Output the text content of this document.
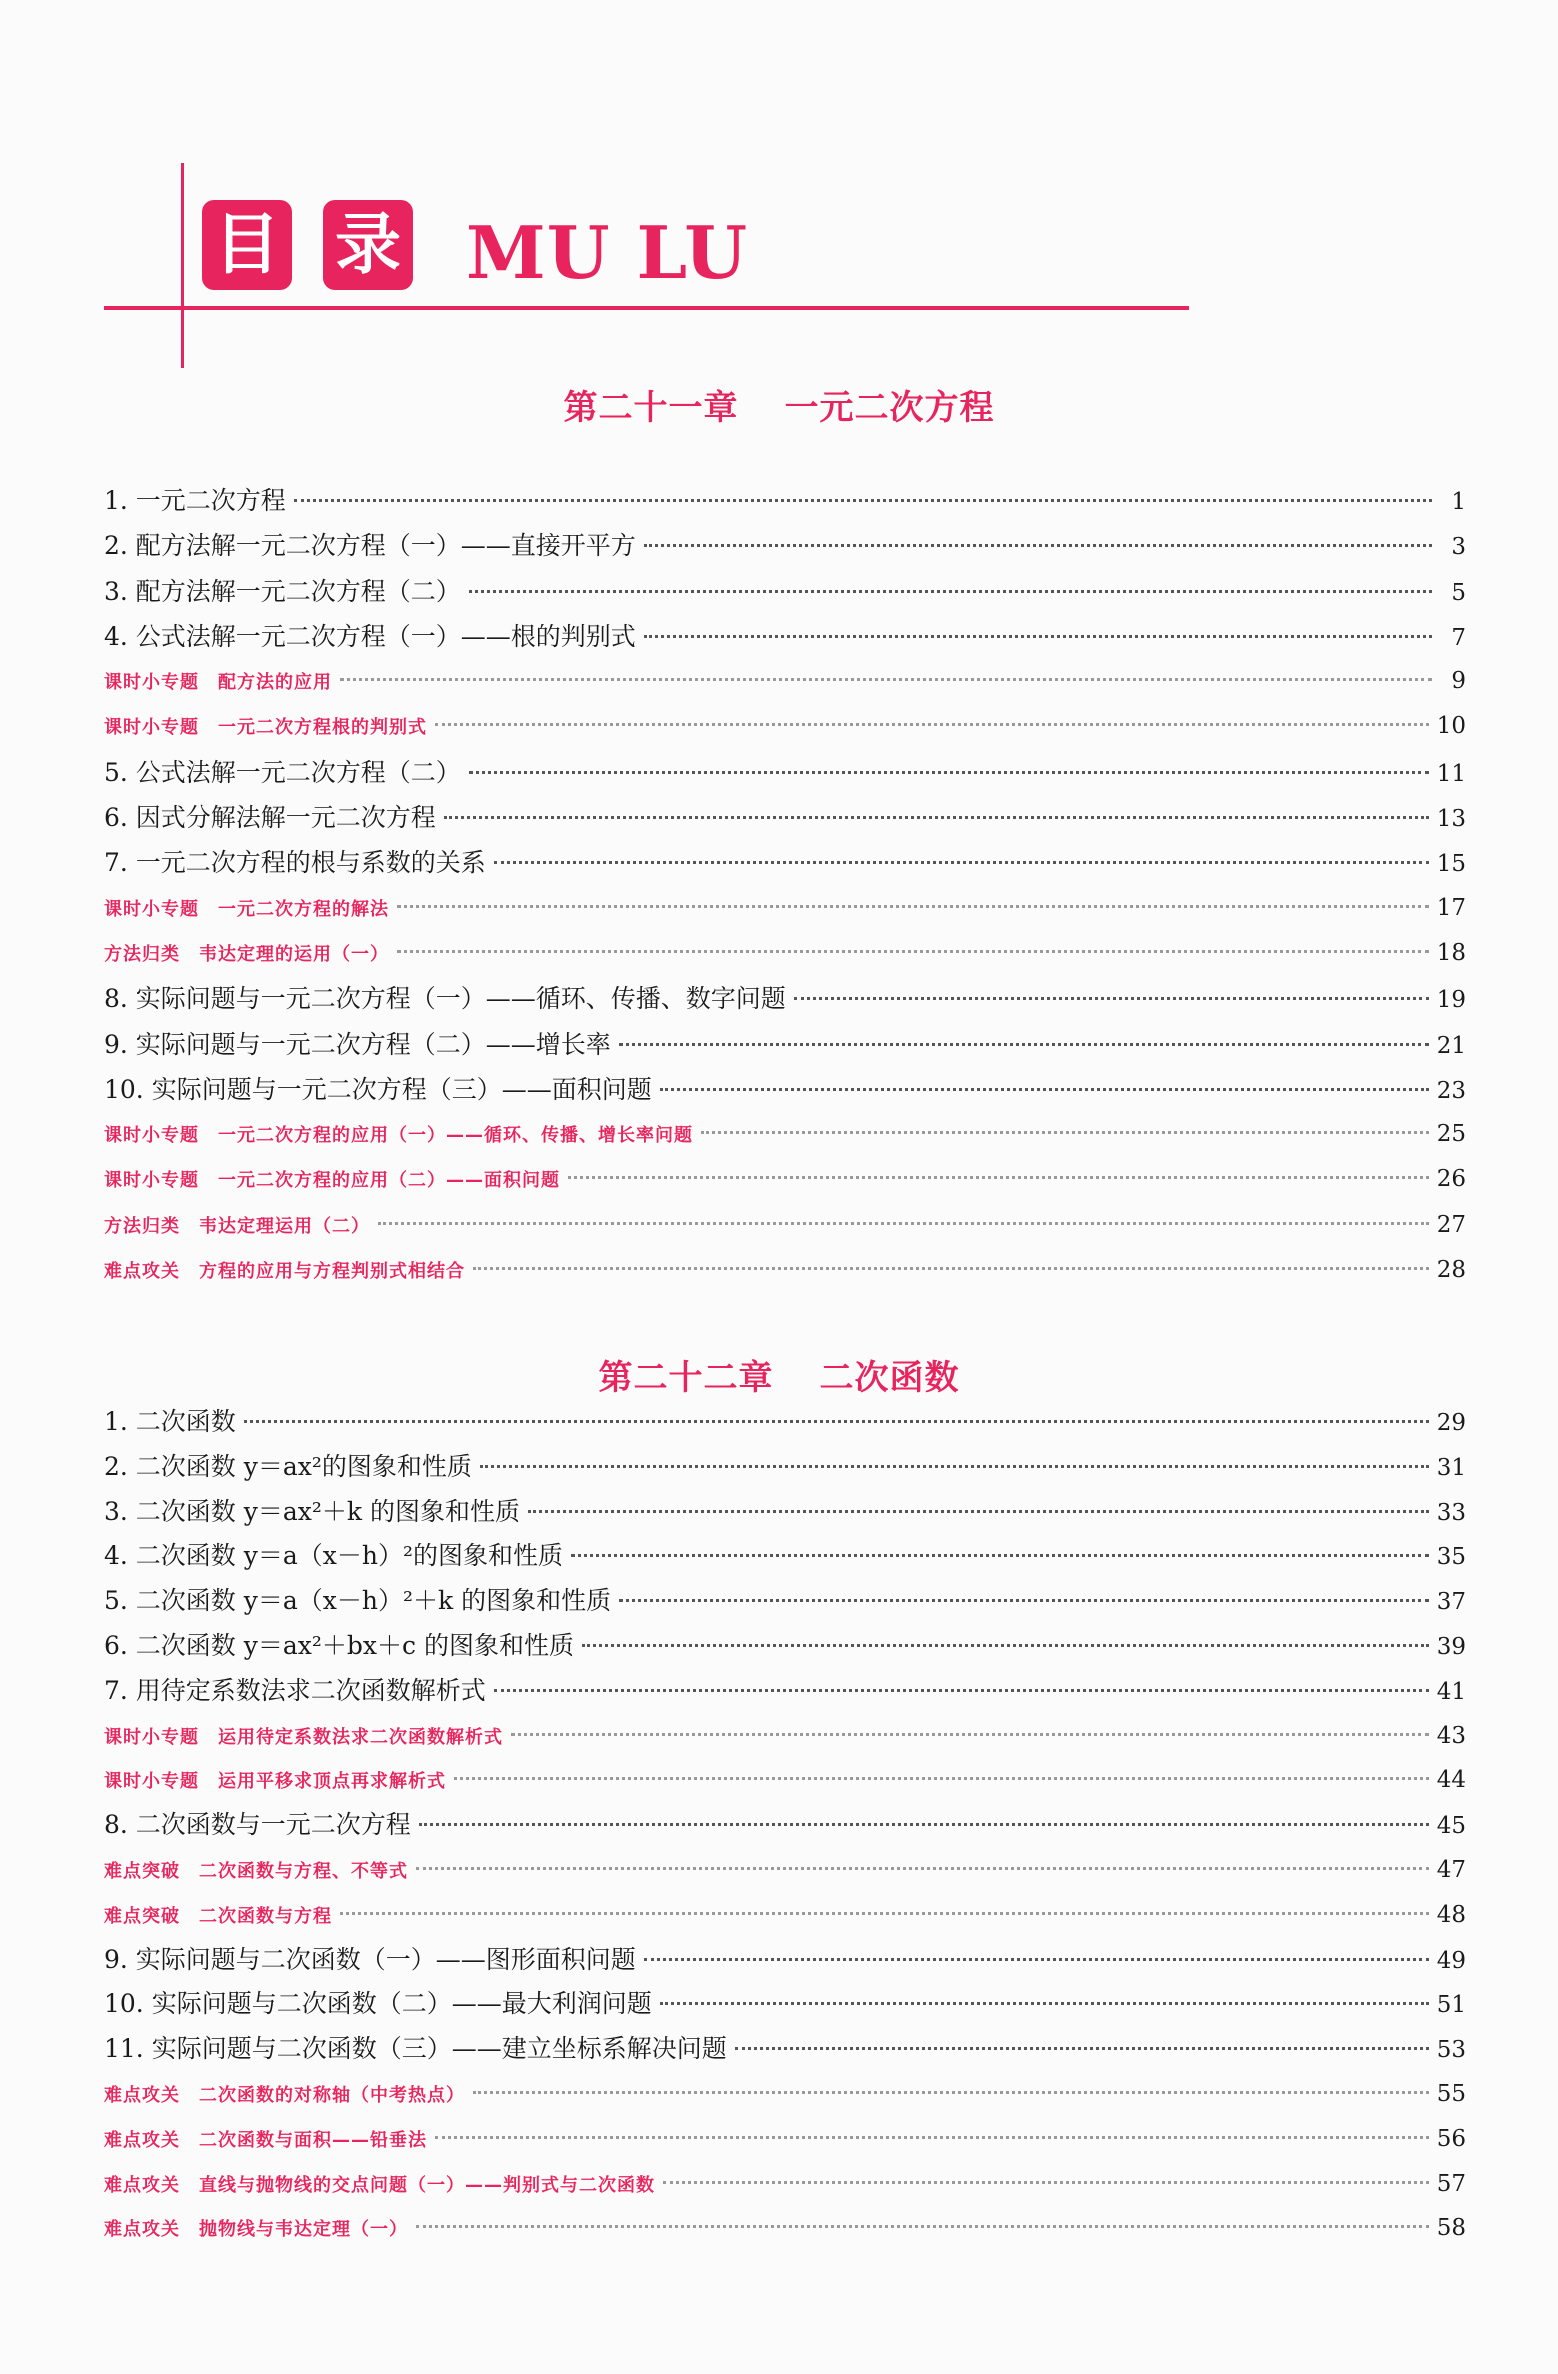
目 录 MU LU
第二十一章 一元二次方程
1. 一元二次方程	1
2. 配方法解一元二次方程（一）——直接开平方	3
3. 配方法解一元二次方程（二）	5
4. 公式法解一元二次方程（一）——根的判别式	7
课时小专题　配方法的应用	9
课时小专题　一元二次方程根的判别式	10
5. 公式法解一元二次方程（二）	11
6. 因式分解法解一元二次方程	13
7. 一元二次方程的根与系数的关系	15
课时小专题　一元二次方程的解法	17
方法归类　韦达定理的运用（一）	18
8. 实际问题与一元二次方程（一）——循环、传播、数字问题	19
9. 实际问题与一元二次方程（二）——增长率	21
10. 实际问题与一元二次方程（三）——面积问题	23
课时小专题　一元二次方程的应用（一）——循环、传播、增长率问题	25
课时小专题　一元二次方程的应用（二）——面积问题	26
方法归类　韦达定理运用（二）	27
难点攻关　方程的应用与方程判别式相结合	28
第二十二章 二次函数
1. 二次函数	29
2. 二次函数 y＝ax²的图象和性质	31
3. 二次函数 y＝ax²＋k 的图象和性质	33
4. 二次函数 y＝a（x－h）²的图象和性质	35
5. 二次函数 y＝a（x－h）²＋k 的图象和性质	37
6. 二次函数 y＝ax²＋bx＋c 的图象和性质	39
7. 用待定系数法求二次函数解析式	41
课时小专题　运用待定系数法求二次函数解析式	43
课时小专题　运用平移求顶点再求解析式	44
8. 二次函数与一元二次方程	45
难点突破　二次函数与方程、不等式	47
难点突破　二次函数与方程	48
9. 实际问题与二次函数（一）——图形面积问题	49
10. 实际问题与二次函数（二）——最大利润问题	51
11. 实际问题与二次函数（三）——建立坐标系解决问题	53
难点攻关　二次函数的对称轴（中考热点）	55
难点攻关　二次函数与面积——铅垂法	56
难点攻关　直线与抛物线的交点问题（一）——判别式与二次函数	57
难点攻关　抛物线与韦达定理（一）	58
